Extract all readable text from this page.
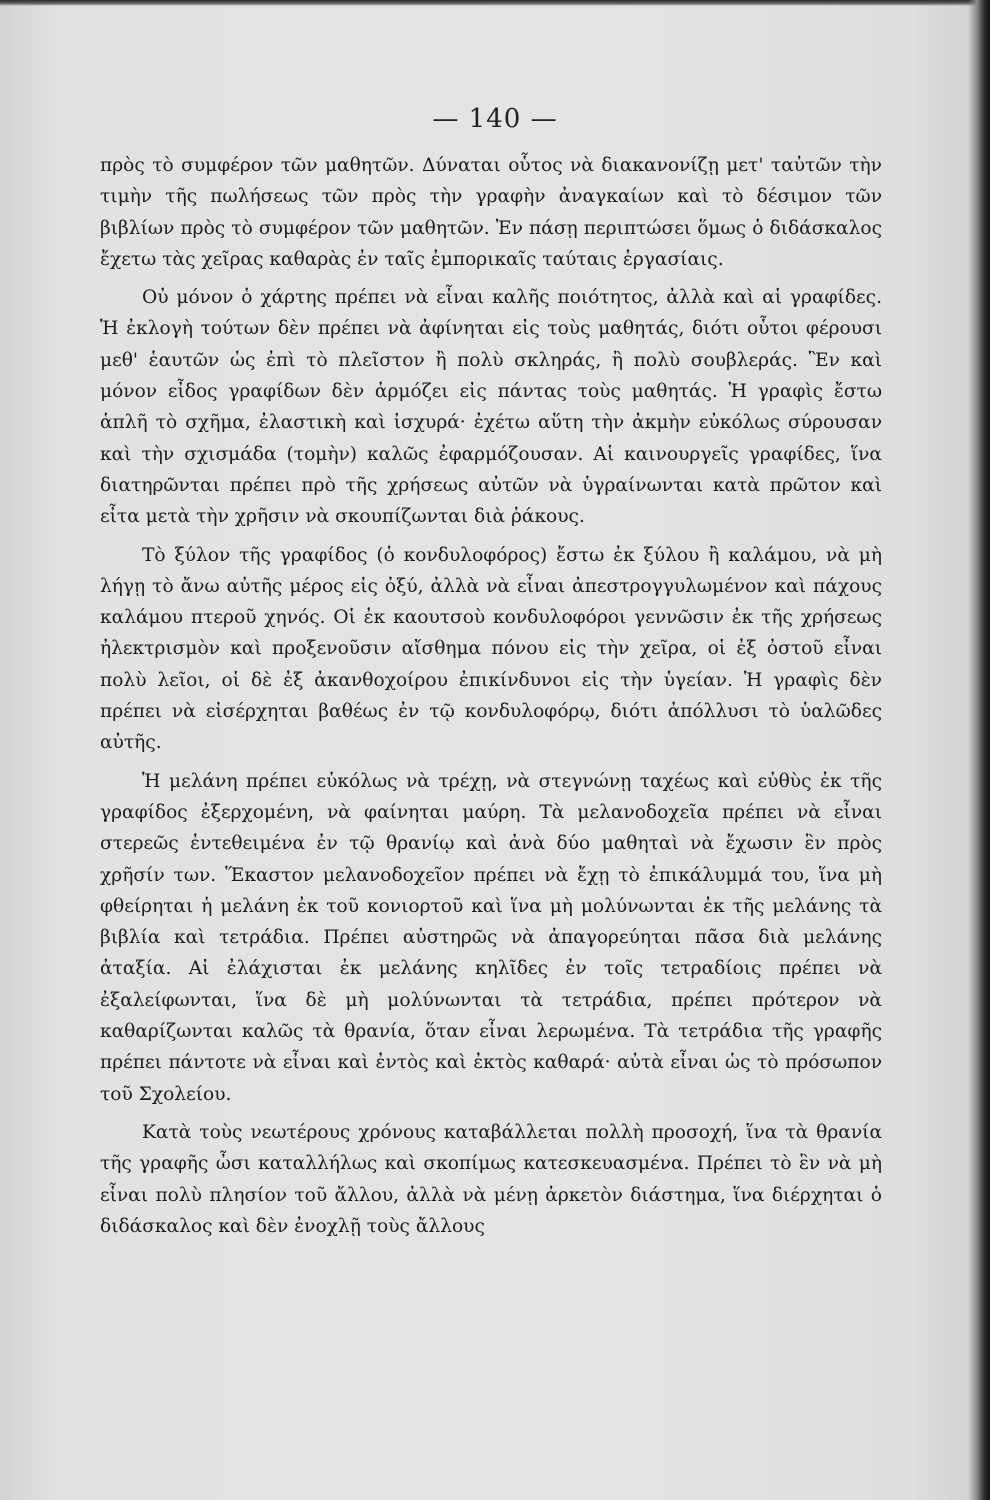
— 140 —

πρὸς τὸ συμφέρον τῶν μαθητῶν. Δύναται οὗτος νὰ διακανονίζῃ μετ' ταὐτῶν τὴν τιμὴν τῆς πωλήσεως τῶν πρὸς τὴν γραφὴν ἀναγκαίων καὶ τὸ δέσιμον τῶν βιβλίων πρὸς τὸ συμφέρον τῶν μαθητῶν. Ἐν πάσῃ περιπτώσει ὅμως ὁ διδάσκαλος ἔχετω τὰς χεῖρας καθαρὰς ἐν ταῖς ἐμπορικαῖς ταύταις ἐργασίαις.

Οὐ μόνον ὁ χάρτης πρέπει νὰ εἶναι καλῆς ποιότητος, ἀλλὰ καὶ αἱ γραφίδες. Ἡ ἐκλογὴ τούτων δὲν πρέπει νὰ ἀφίνηται εἰς τοὺς μαθητάς, διότι οὗτοι φέρουσι μεθ' ἑαυτῶν ὡς ἐπὶ τὸ πλεῖστον ἢ πολὺ σκληράς, ἢ πολὺ σουβλεράς. Ἓν καὶ μόνον εἶδος γραφίδων δὲν ἁρμόζει εἰς πάντας τοὺς μαθητάς. Ἡ γραφὶς ἔστω ἁπλῆ τὸ σχῆμα, ἐλαστικὴ καὶ ἰσχυρά· ἐχέτω αὕτη τὴν ἀκμὴν εὐκόλως σύρουσαν καὶ τὴν σχισμάδα (τομὴν) καλῶς ἐφαρμόζουσαν. Αἱ καινουργεῖς γραφίδες, ἵνα διατηρῶνται πρέπει πρὸ τῆς χρήσεως αὐτῶν νὰ ὑγραίνωνται κατὰ πρῶτον καὶ εἶτα μετὰ τὴν χρῆσιν νὰ σκουπίζωνται διὰ ῥάκους.

Τὸ ξύλον τῆς γραφίδος (ὁ κονδυλοφόρος) ἔστω ἐκ ξύλου ἢ καλάμου, νὰ μὴ λήγῃ τὸ ἄνω αὐτῆς μέρος εἰς ὀξύ, ἀλλὰ νὰ εἶναι ἀπεστρογγυλωμένον καὶ πάχους καλάμου πτεροῦ χηνός. Οἱ ἐκ καουτσοὺ κονδυλοφόροι γεννῶσιν ἐκ τῆς χρήσεως ἠλεκτρισμὸν καὶ προξενοῦσιν αἴσθημα πόνου εἰς τὴν χεῖρα, οἱ ἐξ ὀστοῦ εἶναι πολὺ λεῖοι, οἱ δὲ ἐξ ἀκανθοχοίρου ἐπικίνδυνοι εἰς τὴν ὑγείαν. Ἡ γραφὶς δὲν πρέπει νὰ εἰσέρχηται βαθέως ἐν τῷ κονδυλοφόρῳ, διότι ἀπόλλυσι τὸ ὑαλῶδες αὐτῆς.

Ἡ μελάνη πρέπει εὐκόλως νὰ τρέχῃ, νὰ στεγνώνῃ ταχέως καὶ εὐθὺς ἐκ τῆς γραφίδος ἐξερχομένη, νὰ φαίνηται μαύρη. Τὰ μελανοδοχεῖα πρέπει νὰ εἶναι στερεῶς ἐντεθειμένα ἐν τῷ θρανίῳ καὶ ἀνὰ δύο μαθηταὶ νὰ ἔχωσιν ἓν πρὸς χρῆσίν των. Ἕκαστον μελανοδοχεῖον πρέπει νὰ ἔχῃ τὸ ἐπικάλυμμά του, ἵνα μὴ φθείρηται ἡ μελάνη ἐκ τοῦ κονιορτοῦ καὶ ἵνα μὴ μολύνωνται ἐκ τῆς μελάνης τὰ βιβλία καὶ τετράδια. Πρέπει αὐστηρῶς νὰ ἀπαγορεύηται πᾶσα διὰ μελάνης ἀταξία. Αἱ ἐλάχισται ἐκ μελάνης κηλῖδες ἐν τοῖς τετραδίοις πρέπει νὰ ἐξαλείφωνται, ἵνα δὲ μὴ μολύνωνται τὰ τετράδια, πρέπει πρότερον νὰ καθαρίζωνται καλῶς τὰ θρανία, ὅταν εἶναι λερωμένα. Τὰ τετράδια τῆς γραφῆς πρέπει πάντοτε νὰ εἶναι καὶ ἐντὸς καὶ ἐκτὸς καθαρά· αὐτὰ εἶναι ὡς τὸ πρόσωπον τοῦ Σχολείου.

Κατὰ τοὺς νεωτέρους χρόνους καταβάλλεται πολλὴ προσοχή, ἵνα τὰ θρανία τῆς γραφῆς ὦσι καταλλήλως καὶ σκοπίμως κατεσκευασμένα. Πρέπει τὸ ἓν νὰ μὴ εἶναι πολὺ πλησίον τοῦ ἄλλου, ἀλλὰ νὰ μένῃ ἀρκετὸν διάστημα, ἵνα διέρχηται ὁ διδάσκαλος καὶ δὲν ἐνοχλῇ τοὺς ἄλλους
